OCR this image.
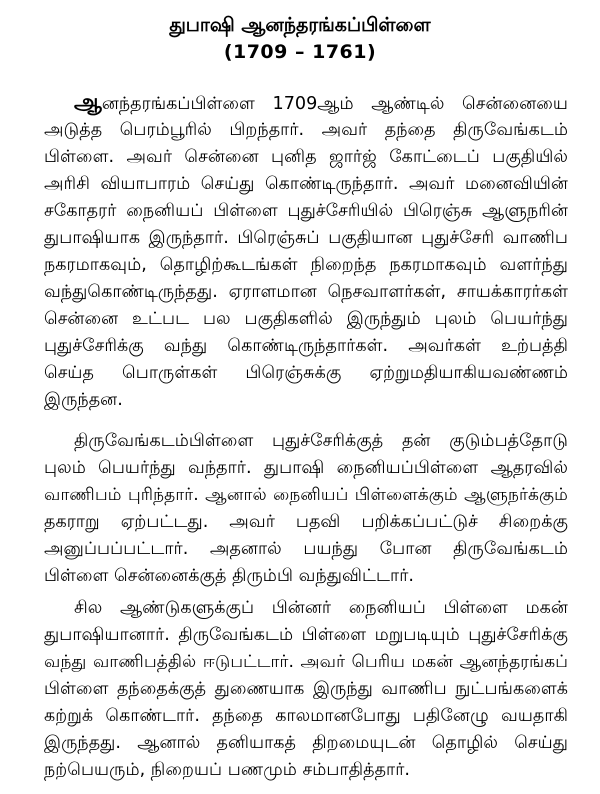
துபாஷி ஆனந்தரங்கப்பிள்ளை
(1709 – 1761)
ஆனந்தரங்கப்பிள்ளை 1709ஆம் ஆண்டில் சென்னையை
அடுத்த பெரம்பூரில் பிறந்தார். அவர் தந்தை திருவேங்கடம்
பிள்ளை. அவர் சென்னை புனித ஜார்ஜ் கோட்டைப் பகுதியில்
அரிசி வியாபாரம் செய்து கொண்டிருந்தார். அவர் மனைவியின்
சகோதரர் நைனியப் பிள்ளை புதுச்சேரியில் பிரெஞ்சு ஆளுநரின்
துபாஷியாக இருந்தார். பிரெஞ்சுப் பகுதியான புதுச்சேரி வாணிப
நகரமாகவும், தொழிற்கூடங்கள் நிறைந்த நகரமாகவும் வளர்ந்து
வந்துகொண்டிருந்தது. ஏராளமான நெசவாளர்கள், சாயக்காரர்கள்
சென்னை உட்பட பல பகுதிகளில் இருந்தும் புலம் பெயர்ந்து
புதுச்சேரிக்கு வந்து கொண்டிருந்தார்கள். அவர்கள் உற்பத்தி
செய்த பொருள்கள் பிரெஞ்சுக்கு ஏற்றுமதியாகியவண்ணம்
இருந்தன.
திருவேங்கடம்பிள்ளை புதுச்சேரிக்குத் தன் குடும்பத்தோடு
புலம் பெயர்ந்து வந்தார். துபாஷி நைனியப்பிள்ளை ஆதரவில்
வாணிபம் புரிந்தார். ஆனால் நைனியப் பிள்ளைக்கும் ஆளுநர்க்கும்
தகராறு ஏற்பட்டது. அவர் பதவி பறிக்கப்பட்டுச் சிறைக்கு
அனுப்பப்பட்டார். அதனால் பயந்து போன திருவேங்கடம்
பிள்ளை சென்னைக்குத் திரும்பி வந்துவிட்டார்.
சில ஆண்டுகளுக்குப் பின்னர் நைனியப் பிள்ளை மகன்
துபாஷியானார். திருவேங்கடம் பிள்ளை மறுபடியும் புதுச்சேரிக்கு
வந்து வாணிபத்தில் ஈடுபட்டார். அவர் பெரிய மகன் ஆனந்தரங்கப்
பிள்ளை தந்தைக்குத் துணையாக இருந்து வாணிப நுட்பங்களைக்
கற்றுக் கொண்டார். தந்தை காலமானபோது பதினேழு வயதாகி
இருந்தது. ஆனால் தனியாகத் திறமையுடன் தொழில் செய்து
நற்பெயரும், நிறையப் பணமும் சம்பாதித்தார்.
